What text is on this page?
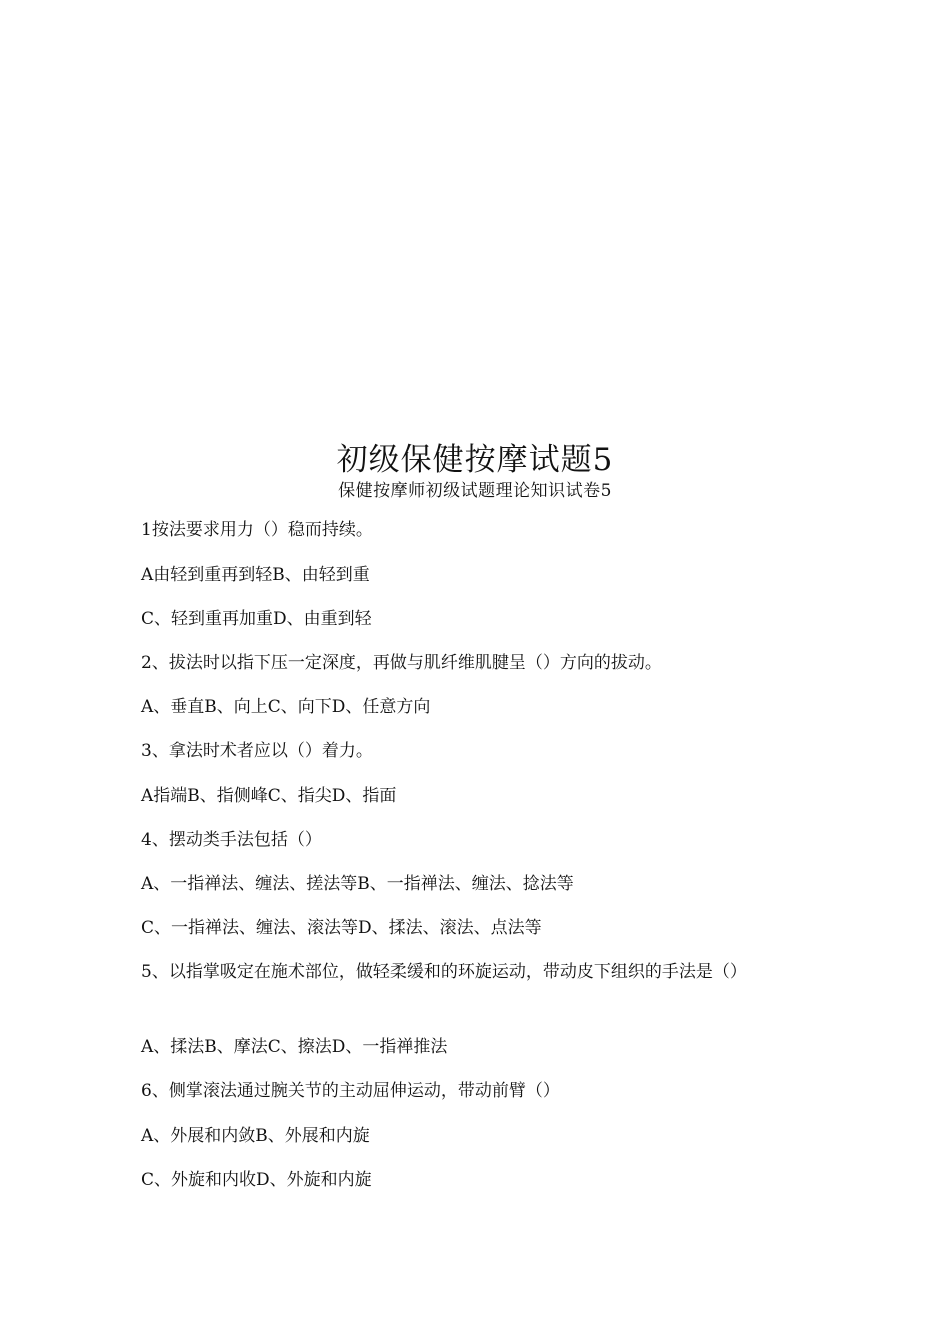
初级保健按摩试题5
保健按摩师初级试题理论知识试卷5
1按法要求用力（）稳而持续。
A由轻到重再到轻B、由轻到重
C、轻到重再加重D、由重到轻
2、拔法时以指下压一定深度，再做与肌纤维肌腱呈（）方向的拔动。
A、垂直B、向上C、向下D、任意方向
3、拿法时术者应以（）着力。
A指端B、指侧峰C、指尖D、指面
4、摆动类手法包括（）
A、一指禅法、缠法、搓法等B、一指禅法、缠法、捻法等
C、一指禅法、缠法、滚法等D、揉法、滚法、点法等
5、以指掌吸定在施术部位，做轻柔缓和的环旋运动，带动皮下组织的手法是（）
A、揉法B、摩法C、擦法D、一指禅推法
6、侧掌滚法通过腕关节的主动屈伸运动，带动前臂（）
A、外展和内敛B、外展和内旋
C、外旋和内收D、外旋和内旋
